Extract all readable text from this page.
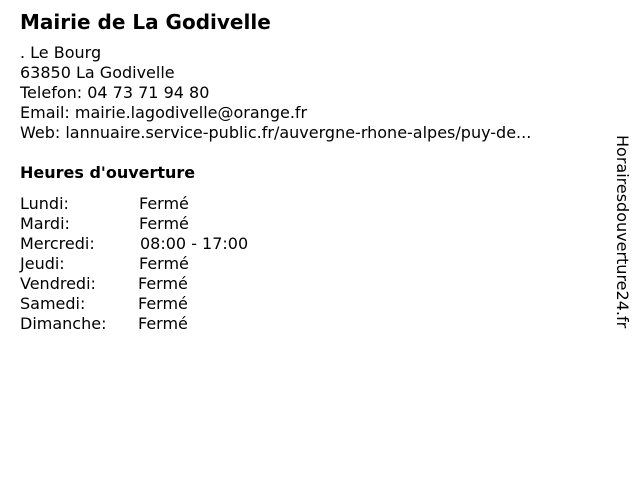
Mairie de La Godivelle
. Le Bourg
63850 La Godivelle
Telefon: 04 73 71 94 80
Email: mairie.lagodivelle@orange.fr
Web: lannuaire.service-public.fr/auvergne-rhone-alpes/puy-de...
Heures d'ouverture
Lundi:	Fermé
Mardi:	Fermé
Mercredi:	08:00 - 17:00
Jeudi:	Fermé
Vendredi:	Fermé
Samedi:	Fermé
Dimanche: Fermé	Horairesdouverture24.fr
